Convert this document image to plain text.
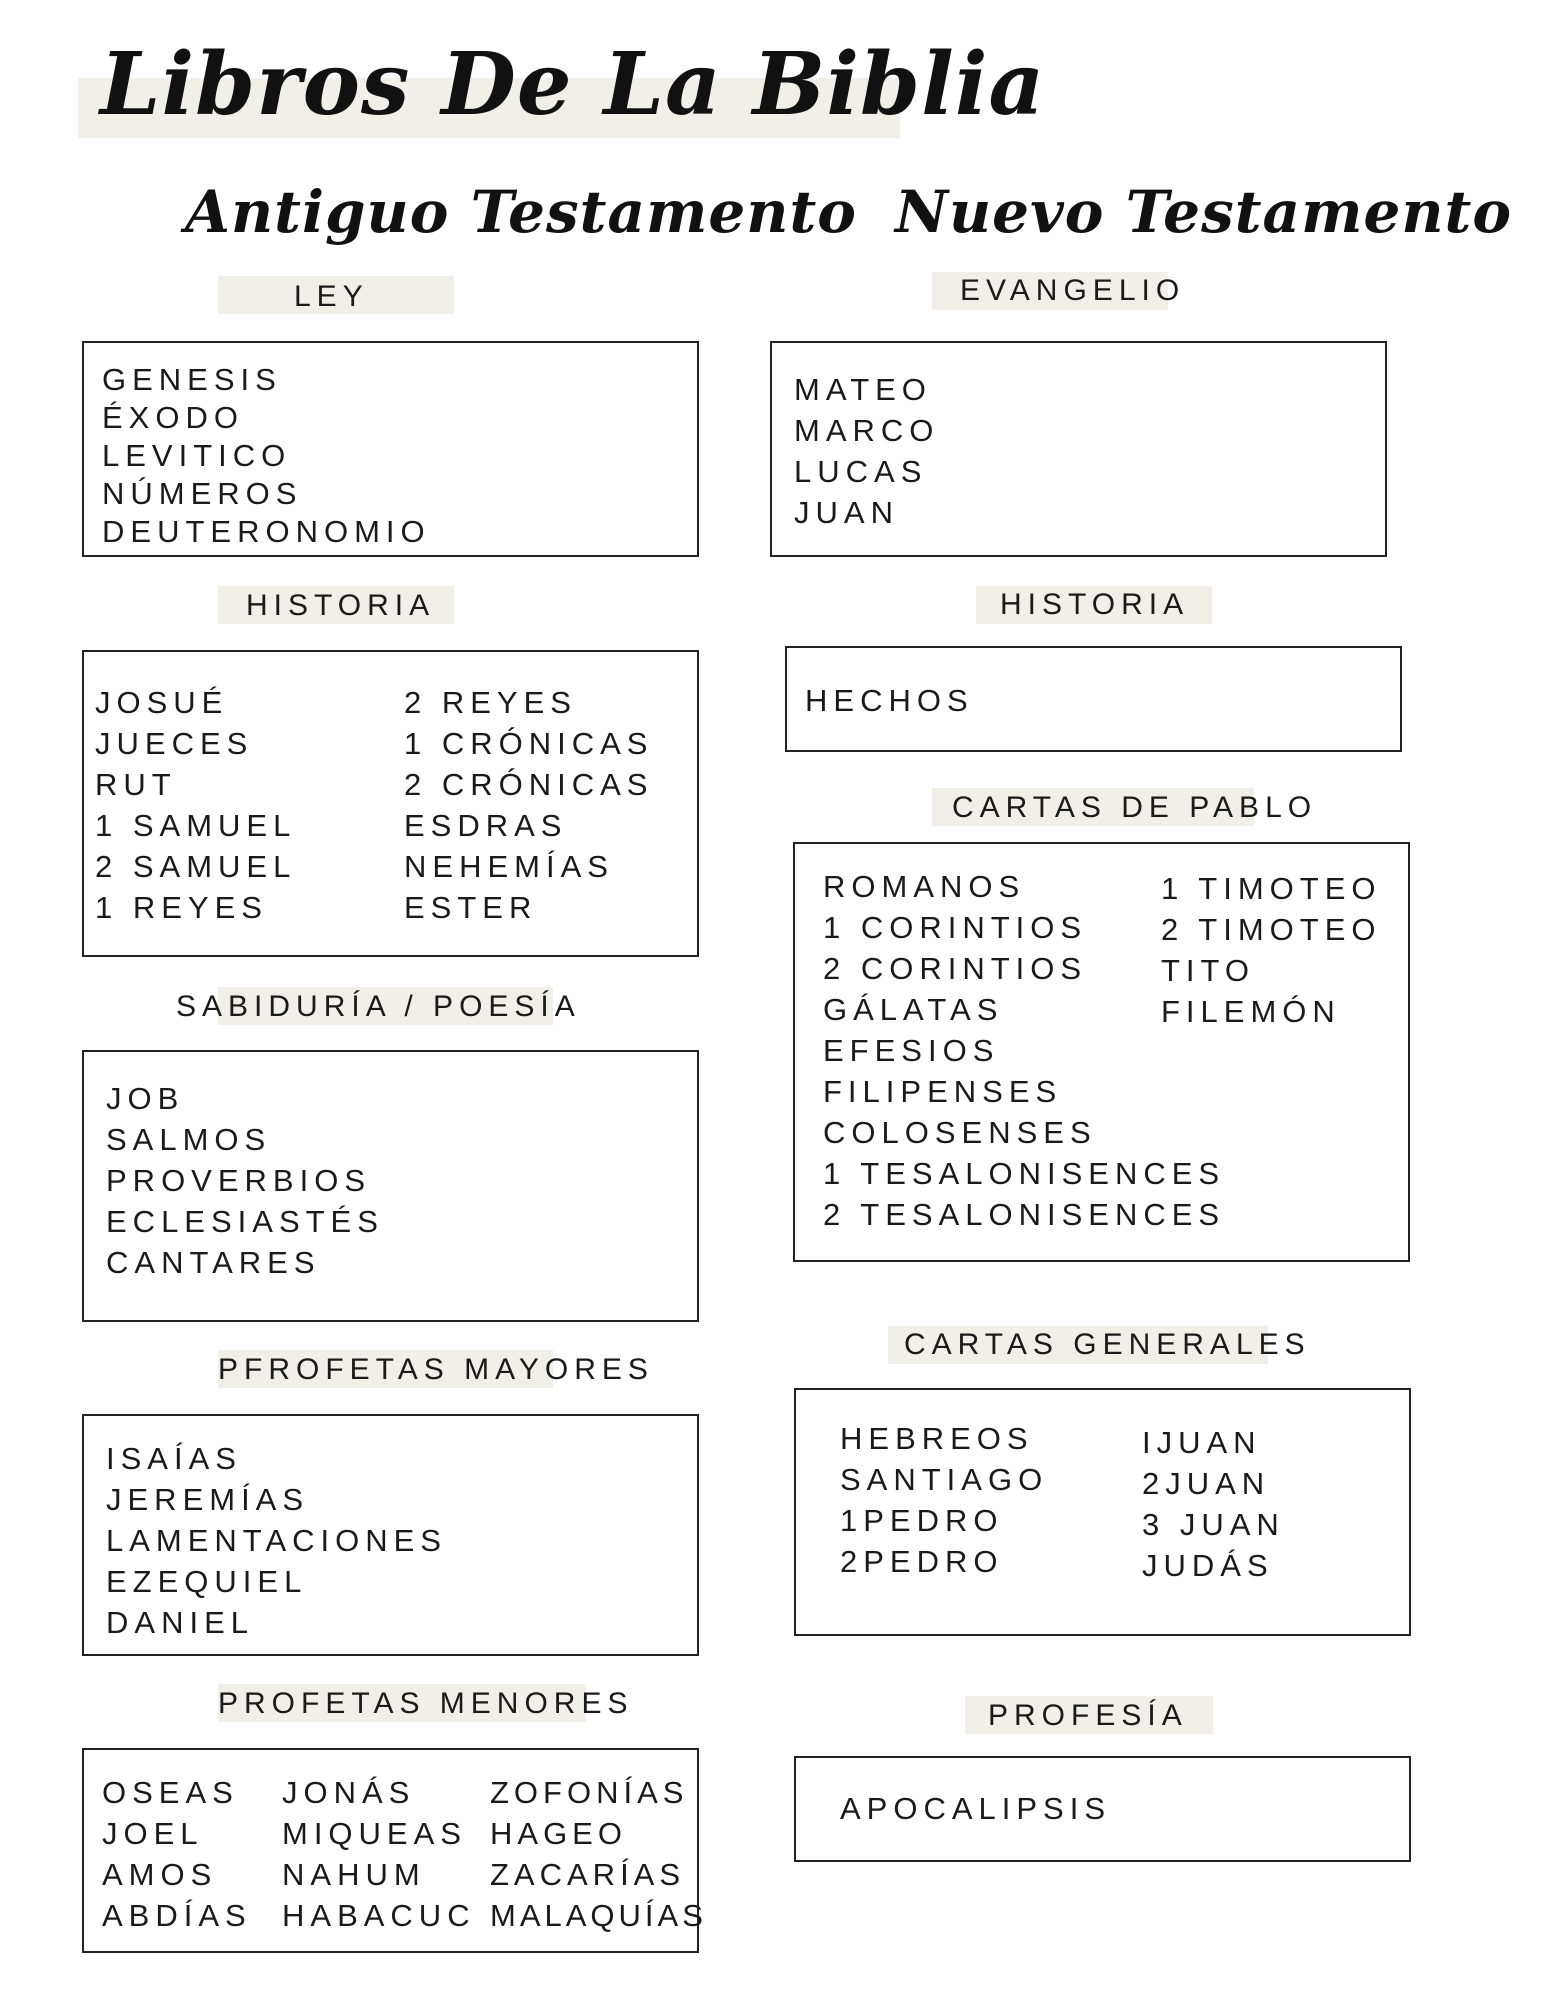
Libros De La Biblia
Antiguo Testamento Nuevo Testamento
LEY
GENESIS
ÉXODO
LEVITICO
NÚMEROS
DEUTERONOMIO
HISTORIA
JOSUÉ
JUECES
RUT
1 SAMUEL
2 SAMUEL
1 REYES
2 REYES
1 CRÓNICAS
2 CRÓNICAS
ESDRAS
NEHEMÍAS
ESTER
SABIDURÍA / POESÍA
JOB
SALMOS
PROVERBIOS
ECLESIASTÉS
CANTARES
PFROFETAS MAYORES
ISAÍAS
JEREMÍAS
LAMENTACIONES
EZEQUIEL
DANIEL
PROFETAS MENORES
OSEAS
JOEL
AMOS
ABDÍAS
JONÁS
MIQUEAS
NAHUM
HABACUC
ZOFONÍAS
HAGEO
ZACARÍAS
MALAQUÍAS
EVANGELIO
MATEO
MARCO
LUCAS
JUAN
HISTORIA
HECHOS
CARTAS DE PABLO
ROMANOS
1 CORINTIOS
2 CORINTIOS
GÁLATAS
EFESIOS
FILIPENSES
COLOSENSES
1 TESALONISENCES
2 TESALONISENCES
1 TIMOTEO
2 TIMOTEO
TITO
FILEMÓN
CARTAS GENERALES
HEBREOS
SANTIAGO
1PEDRO
2PEDRO
IJUAN
2JUAN
3 JUAN
JUDÁS
PROFESÍA
APOCALIPSIS
